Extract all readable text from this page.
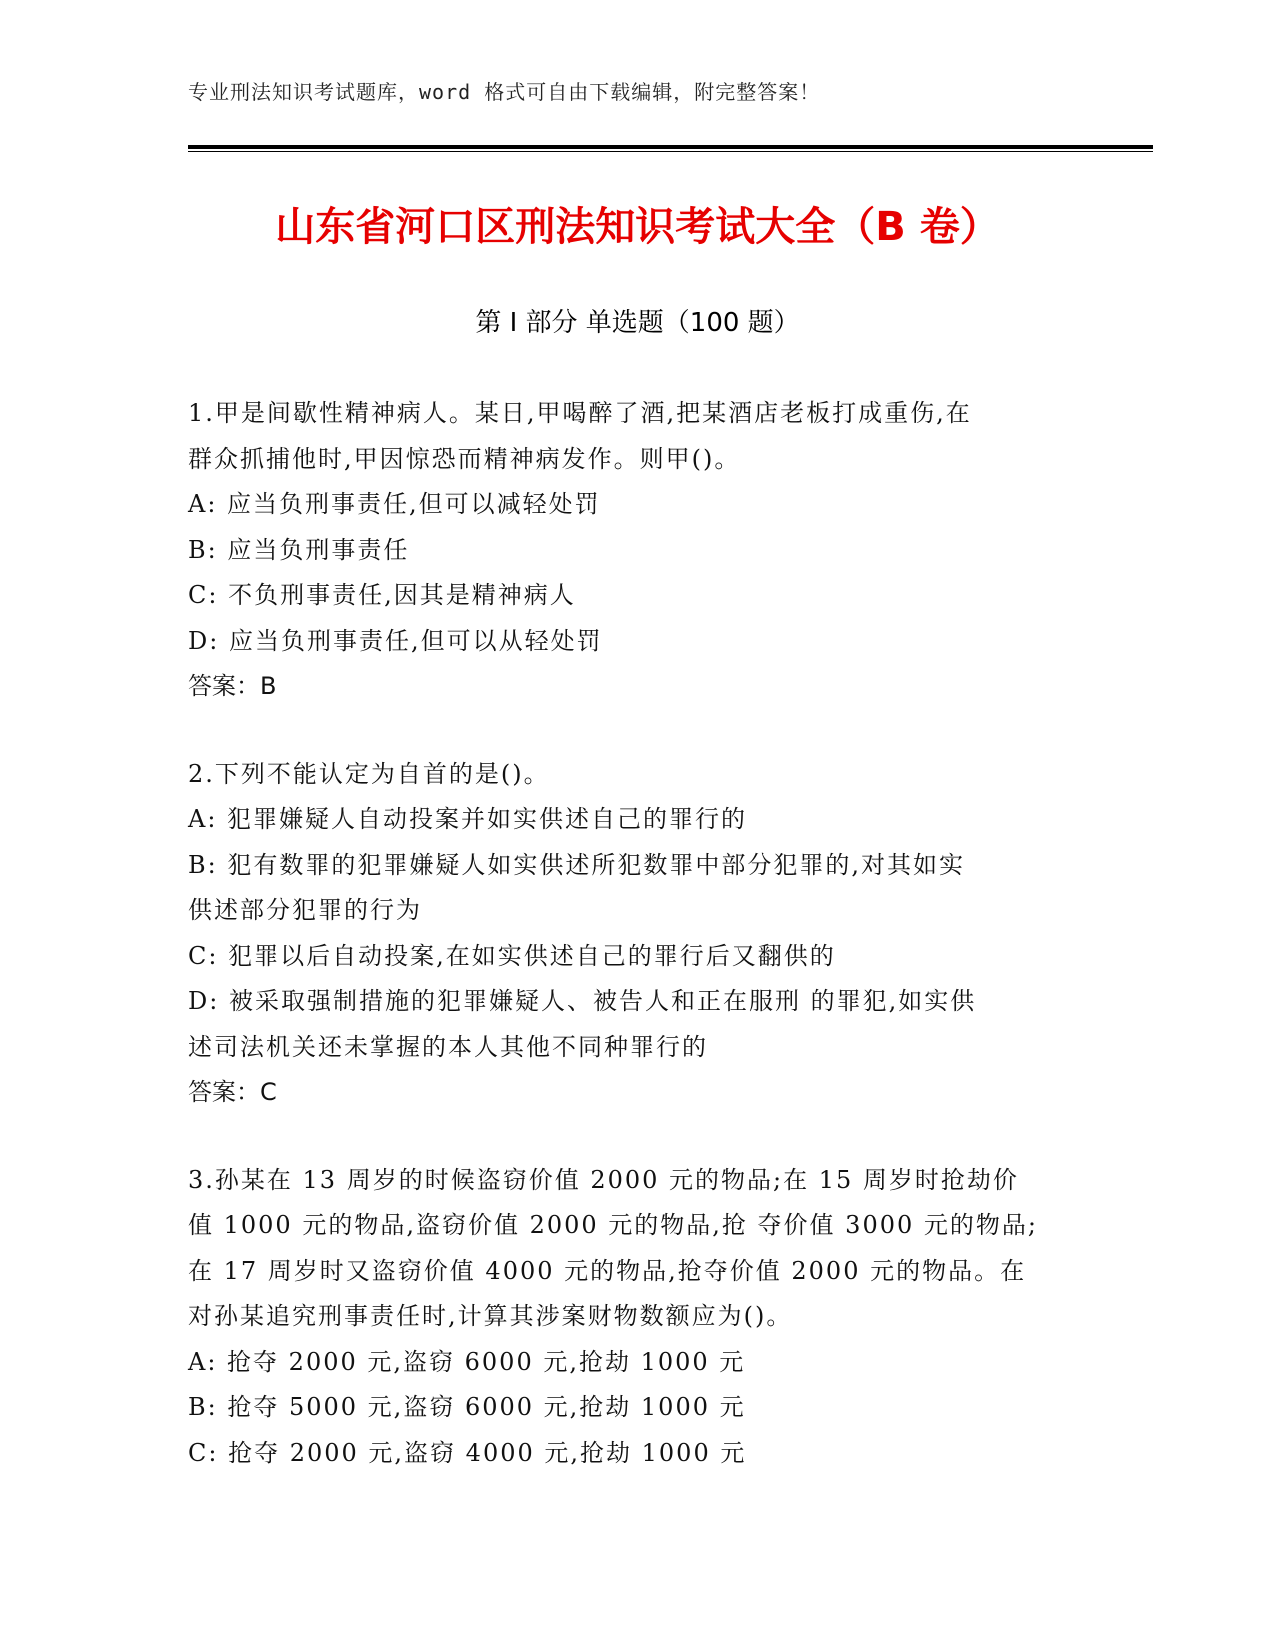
专业刑法知识考试题库，word 格式可自由下载编辑，附完整答案！
山东省河口区刑法知识考试大全（B 卷）
第 I 部分 单选题（100 题）
1.甲是间歇性精神病人。某日,甲喝醉了酒,把某酒店老板打成重伤,在
群众抓捕他时,甲因惊恐而精神病发作。则甲()。
A: 应当负刑事责任,但可以减轻处罚
B: 应当负刑事责任
C: 不负刑事责任,因其是精神病人
D: 应当负刑事责任,但可以从轻处罚
答案：B
2.下列不能认定为自首的是()。
A: 犯罪嫌疑人自动投案并如实供述自己的罪行的
B: 犯有数罪的犯罪嫌疑人如实供述所犯数罪中部分犯罪的,对其如实
供述部分犯罪的行为
C: 犯罪以后自动投案,在如实供述自己的罪行后又翻供的
D: 被采取强制措施的犯罪嫌疑人、被告人和正在服刑 的罪犯,如实供
述司法机关还未掌握的本人其他不同种罪行的
答案：C
3.孙某在 13 周岁的时候盗窃价值 2000 元的物品;在 15 周岁时抢劫价
值 1000 元的物品,盗窃价值 2000 元的物品,抢 夺价值 3000 元的物品;
在 17 周岁时又盗窃价值 4000 元的物品,抢夺价值 2000 元的物品。在
对孙某追究刑事责任时,计算其涉案财物数额应为()。
A: 抢夺 2000 元,盗窃 6000 元,抢劫 1000 元
B: 抢夺 5000 元,盗窃 6000 元,抢劫 1000 元
C: 抢夺 2000 元,盗窃 4000 元,抢劫 1000 元
